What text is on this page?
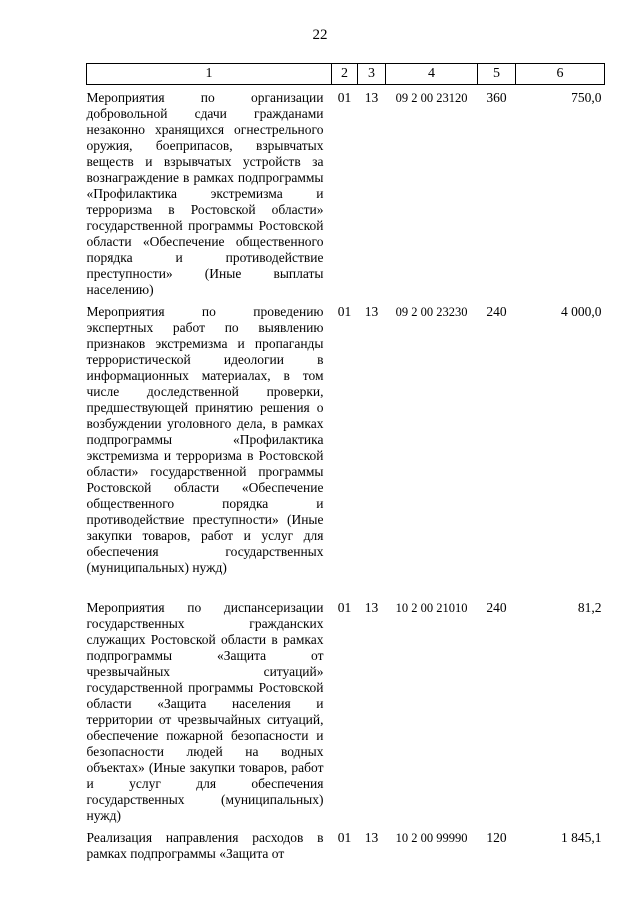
22
1	2	3	4	5	6
Мероприятия по организации добровольной сдачи гражданами незаконно хранящихся огнестрельного оружия, боеприпасов, взрывчатых веществ и взрывчатых устройств за вознаграждение в рамках подпрограммы «Профилактика экстремизма и терроризма в Ростовской области» государственной программы Ростовской области «Обеспечение общественного порядка и противодействие преступности» (Иные выплаты населению)	01	13	09 2 00 23120	360	750,0
Мероприятия по проведению экспертных работ по выявлению признаков экстремизма и пропаганды террористической идеологии в информационных материалах, в том числе доследственной проверки, предшествующей принятию решения о возбуждении уголовного дела, в рамках подпрограммы «Профилактика экстремизма и терроризма в Ростовской области» государственной программы Ростовской области «Обеспечение общественного порядка и противодействие преступности» (Иные закупки товаров, работ и услуг для обеспечения государственных (муниципальных) нужд)	01	13	09 2 00 23230	240	4 000,0
Мероприятия по диспансеризации государственных гражданских служащих Ростовской области в рамках подпрограммы «Защита от чрезвычайных ситуаций» государственной программы Ростовской области «Защита населения и территории от чрезвычайных ситуаций, обеспечение пожарной безопасности и безопасности людей на водных объектах» (Иные закупки товаров, работ и услуг для обеспечения государственных (муниципальных) нужд)	01	13	10 2 00 21010	240	81,2
Реализация направления расходов в рамках подпрограммы «Защита от	01	13	10 2 00 99990	120	1 845,1
